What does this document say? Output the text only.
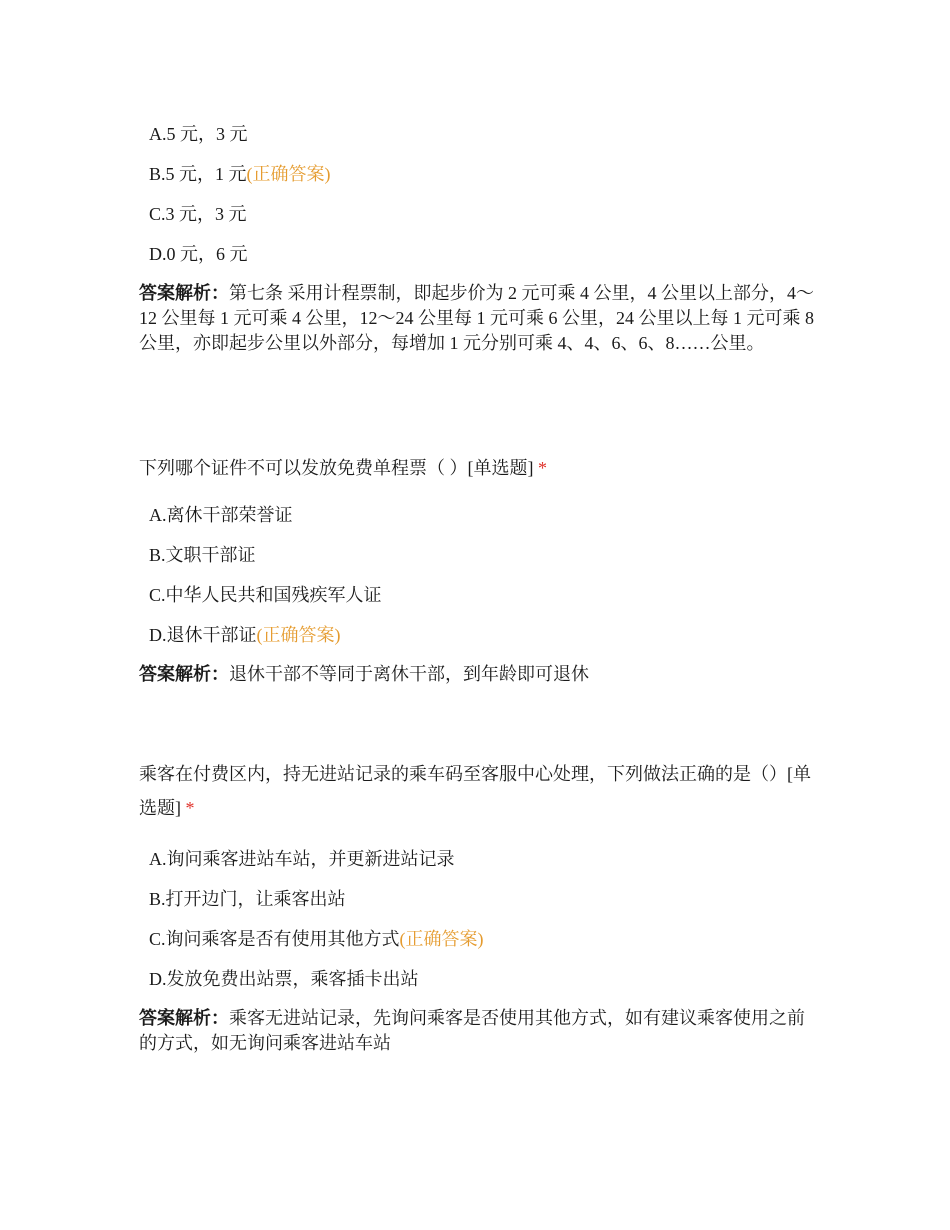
A.5 元，3 元
B.5 元，1 元(正确答案)
C.3 元，3 元
D.0 元，6 元
答案解析：第七条 采用计程票制，即起步价为 2 元可乘 4 公里，4 公里以上部分，4～12 公里每 1 元可乘 4 公里，12～24 公里每 1 元可乘 6 公里，24 公里以上每 1 元可乘 8 公里，亦即起步公里以外部分，每增加 1 元分别可乘 4、4、6、6、8……公里。
下列哪个证件不可以发放免费单程票（ ）[单选题] *
A.离休干部荣誉证
B.文职干部证
C.中华人民共和国残疾军人证
D.退休干部证(正确答案)
答案解析：退休干部不等同于离休干部，到年龄即可退休
乘客在付费区内，持无进站记录的乘车码至客服中心处理，下列做法正确的是（）[单选题] *
A.询问乘客进站车站，并更新进站记录
B.打开边门，让乘客出站
C.询问乘客是否有使用其他方式(正确答案)
D.发放免费出站票，乘客插卡出站
答案解析：乘客无进站记录，先询问乘客是否使用其他方式，如有建议乘客使用之前的方式，如无询问乘客进站车站
